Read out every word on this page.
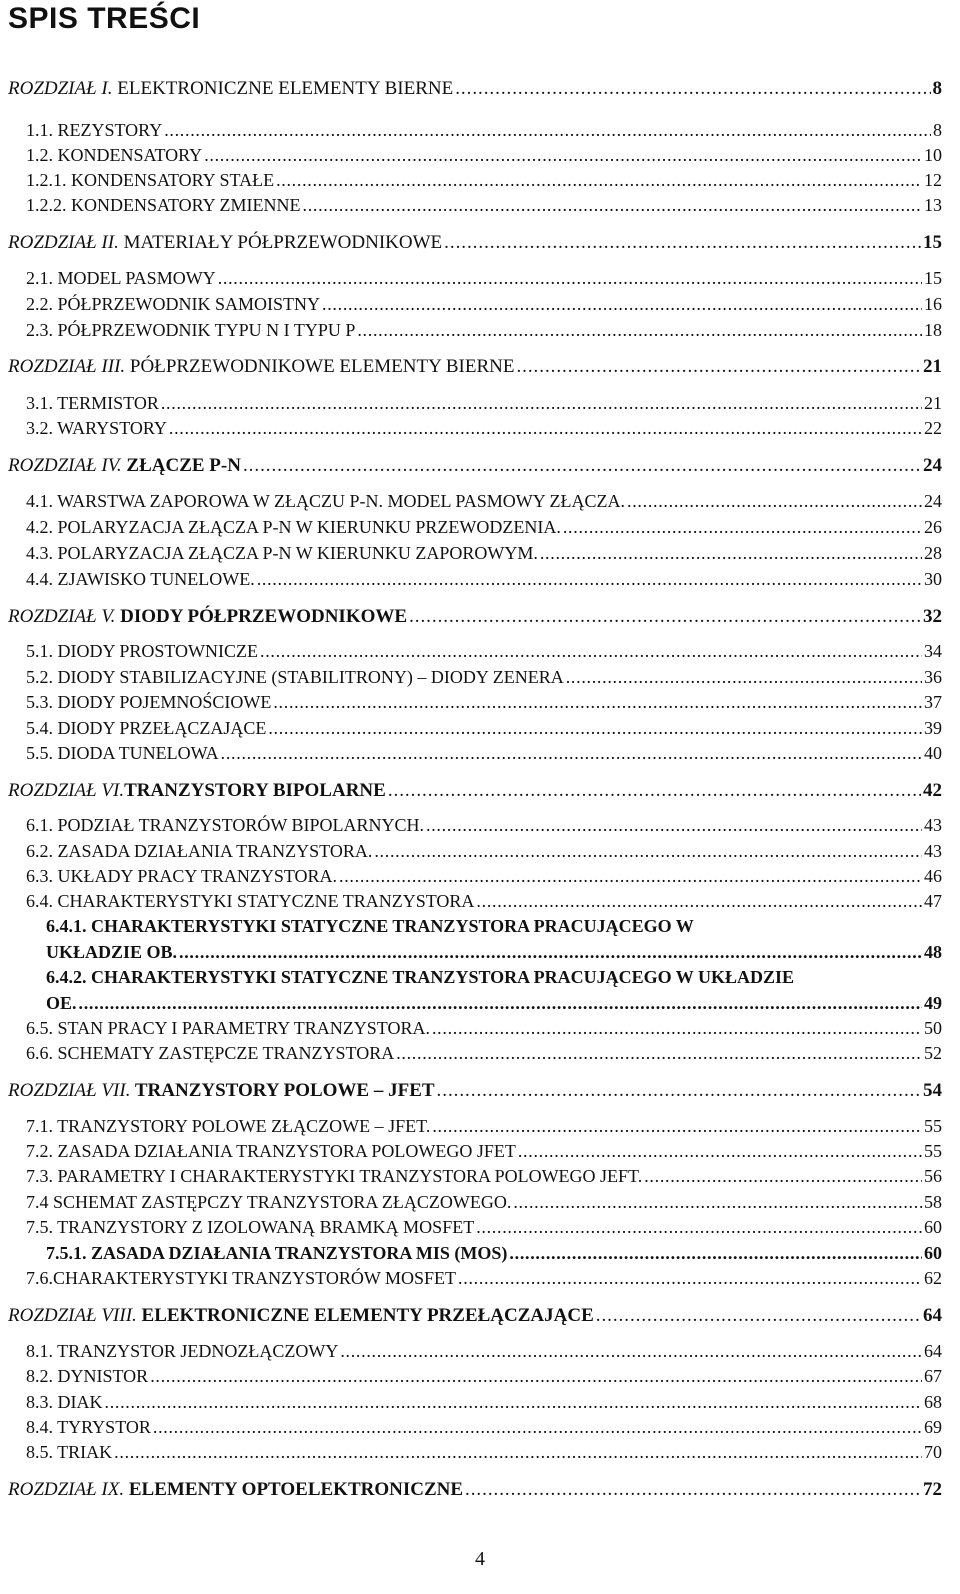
SPIS TREŚCI
ROZDZIAŁ I. ELEKTRONICZNE ELEMENTY BIERNE . . .	8
1.1. REZYSTORY . . .	8
1.2. KONDENSATORY . . .	10
1.2.1. KONDENSATORY STAŁE . . .	12
1.2.2. KONDENSATORY ZMIENNE . . .	13
ROZDZIAŁ II. MATERIAŁY PÓŁPRZEWODNIKOWE . . .	15
2.1. MODEL PASMOWY . . .	15
2.2. PÓŁPRZEWODNIK SAMOISTNY . . .	16
2.3. PÓŁPRZEWODNIK TYPU N I TYPU P . . .	18
ROZDZIAŁ III. PÓŁPRZEWODNIKOWE ELEMENTY BIERNE . . .	21
3.1. TERMISTOR . . .	21
3.2. WARYSTORY . . .	22
ROZDZIAŁ IV. ZŁĄCZE P-N . . .	24
4.1. WARSTWA ZAPOROWA W ZŁĄCZU P-N. MODEL PASMOWY ZŁĄCZA. . . .	24
4.2. POLARYZACJA ZŁĄCZA P-N W KIERUNKU PRZEWODZENIA. . . .	26
4.3. POLARYZACJA ZŁĄCZA P-N W KIERUNKU ZAPOROWYM. . . .	28
4.4. ZJAWISKO TUNELOWE. . . .	30
ROZDZIAŁ V. DIODY PÓŁPRZEWODNIKOWE . . .	32
5.1. DIODY PROSTOWNICZE . . .	34
5.2. DIODY STABILIZACYJNE (STABILITRONY) – DIODY ZENERA . . .	36
5.3. DIODY POJEMNOŚCIOWE . . .	37
5.4. DIODY PRZEŁĄCZAJĄCE . . .	39
5.5. DIODA TUNELOWA . . .	40
ROZDZIAŁ VI.TRANZYSTORY BIPOLARNE . . .	42
6.1. PODZIAŁ TRANZYSTORÓW BIPOLARNYCH. . . .	43
6.2. ZASADA DZIAŁANIA TRANZYSTORA. . . .	43
6.3. UKŁADY PRACY TRANZYSTORA. . . .	46
6.4. CHARAKTERYSTYKI STATYCZNE TRANZYSTORA . . .	47
6.4.1. CHARAKTERYSTYKI STATYCZNE TRANZYSTORA PRACUJĄCEGO W
UKŁADZIE OB. . . .	48
6.4.2. CHARAKTERYSTYKI STATYCZNE TRANZYSTORA PRACUJĄCEGO W UKŁADZIE
OE. . . .	49
6.5. STAN PRACY I PARAMETRY TRANZYSTORA. . . .	50
6.6. SCHEMATY ZASTĘPCZE TRANZYSTORA . . .	52
ROZDZIAŁ VII. TRANZYSTORY POLOWE – JFET . . .	54
7.1. TRANZYSTORY POLOWE ZŁĄCZOWE – JFET. . . .	55
7.2. ZASADA DZIAŁANIA TRANZYSTORA POLOWEGO JFET . . .	55
7.3. PARAMETRY I CHARAKTERYSTYKI TRANZYSTORA POLOWEGO JEFT. . . .	56
7.4 SCHEMAT ZASTĘPCZY TRANZYSTORA ZŁĄCZOWEGO. . . .	58
7.5. TRANZYSTORY Z IZOLOWANĄ BRAMKĄ MOSFET . . .	60
7.5.1. ZASADA DZIAŁANIA TRANZYSTORA MIS (MOS) . . .	60
7.6.CHARAKTERYSTYKI TRANZYSTORÓW MOSFET . . .	62
ROZDZIAŁ VIII. ELEKTRONICZNE ELEMENTY PRZEŁĄCZAJĄCE . . .	64
8.1. TRANZYSTOR JEDNOZŁĄCZOWY . . .	64
8.2. DYNISTOR . . .	67
8.3. DIAK . . .	68
8.4. TYRYSTOR . . .	69
8.5. TRIAK . . .	70
ROZDZIAŁ IX. ELEMENTY OPTOELEKTRONICZNE . . .	72
4
